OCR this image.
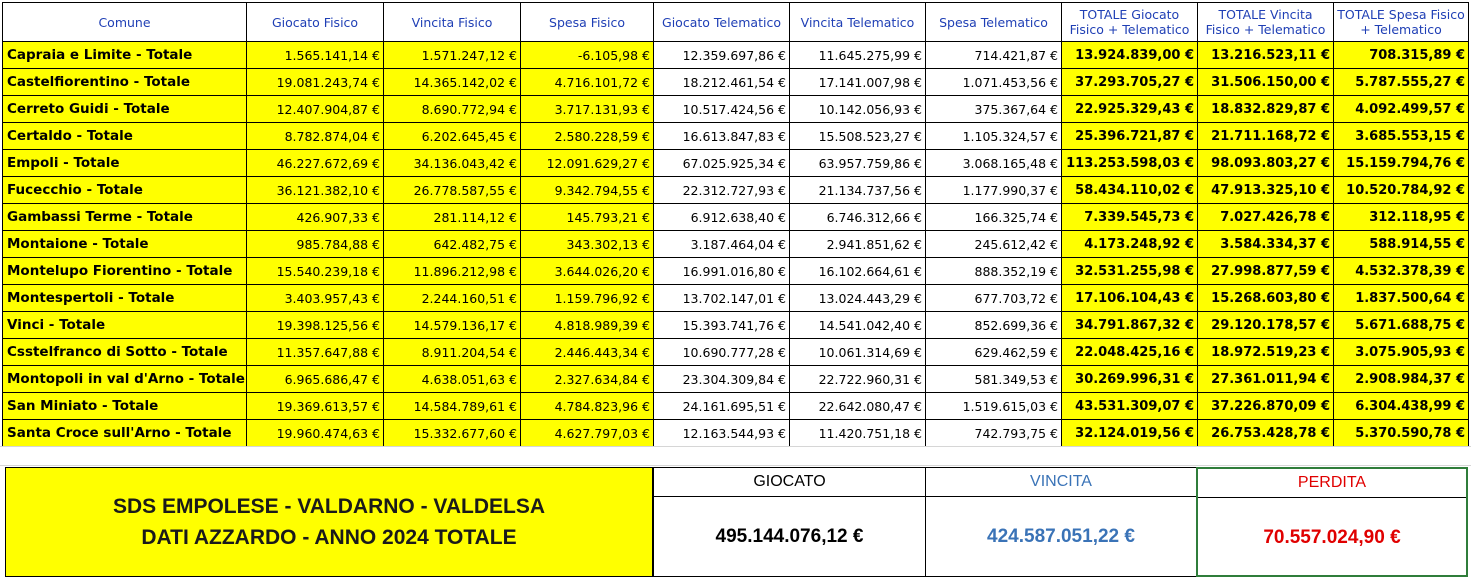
Comune	Giocato Fisico	Vincita Fisico	Spesa Fisico	Giocato Telematico	Vincita Telematico	Spesa Telematico	TOTALE Giocato Fisico + Telematico	TOTALE Vincita Fisico + Telematico	TOTALE Spesa Fisico + Telematico
Capraia e Limite - Totale	1.565.141,14 €	1.571.247,12 €	-6.105,98 €	12.359.697,86 €	11.645.275,99 €	714.421,87 €	13.924.839,00 €	13.216.523,11 €	708.315,89 €
Castelfiorentino - Totale	19.081.243,74 €	14.365.142,02 €	4.716.101,72 €	18.212.461,54 €	17.141.007,98 €	1.071.453,56 €	37.293.705,27 €	31.506.150,00 €	5.787.555,27 €
Cerreto Guidi - Totale	12.407.904,87 €	8.690.772,94 €	3.717.131,93 €	10.517.424,56 €	10.142.056,93 €	375.367,64 €	22.925.329,43 €	18.832.829,87 €	4.092.499,57 €
Certaldo - Totale	8.782.874,04 €	6.202.645,45 €	2.580.228,59 €	16.613.847,83 €	15.508.523,27 €	1.105.324,57 €	25.396.721,87 €	21.711.168,72 €	3.685.553,15 €
Empoli - Totale	46.227.672,69 €	34.136.043,42 €	12.091.629,27 €	67.025.925,34 €	63.957.759,86 €	3.068.165,48 €	113.253.598,03 €	98.093.803,27 €	15.159.794,76 €
Fucecchio - Totale	36.121.382,10 €	26.778.587,55 €	9.342.794,55 €	22.312.727,93 €	21.134.737,56 €	1.177.990,37 €	58.434.110,02 €	47.913.325,10 €	10.520.784,92 €
Gambassi Terme - Totale	426.907,33 €	281.114,12 €	145.793,21 €	6.912.638,40 €	6.746.312,66 €	166.325,74 €	7.339.545,73 €	7.027.426,78 €	312.118,95 €
Montaione - Totale	985.784,88 €	642.482,75 €	343.302,13 €	3.187.464,04 €	2.941.851,62 €	245.612,42 €	4.173.248,92 €	3.584.334,37 €	588.914,55 €
Montelupo Fiorentino - Totale	15.540.239,18 €	11.896.212,98 €	3.644.026,20 €	16.991.016,80 €	16.102.664,61 €	888.352,19 €	32.531.255,98 €	27.998.877,59 €	4.532.378,39 €
Montespertoli - Totale	3.403.957,43 €	2.244.160,51 €	1.159.796,92 €	13.702.147,01 €	13.024.443,29 €	677.703,72 €	17.106.104,43 €	15.268.603,80 €	1.837.500,64 €
Vinci - Totale	19.398.125,56 €	14.579.136,17 €	4.818.989,39 €	15.393.741,76 €	14.541.042,40 €	852.699,36 €	34.791.867,32 €	29.120.178,57 €	5.671.688,75 €
Csstelfranco di Sotto - Totale	11.357.647,88 €	8.911.204,54 €	2.446.443,34 €	10.690.777,28 €	10.061.314,69 €	629.462,59 €	22.048.425,16 €	18.972.519,23 €	3.075.905,93 €
Montopoli in val d'Arno - Totale	6.965.686,47 €	4.638.051,63 €	2.327.634,84 €	23.304.309,84 €	22.722.960,31 €	581.349,53 €	30.269.996,31 €	27.361.011,94 €	2.908.984,37 €
San Miniato - Totale	19.369.613,57 €	14.584.789,61 €	4.784.823,96 €	24.161.695,51 €	22.642.080,47 €	1.519.615,03 €	43.531.309,07 €	37.226.870,09 €	6.304.438,99 €
Santa Croce sull'Arno - Totale	19.960.474,63 €	15.332.677,60 €	4.627.797,03 €	12.163.544,93 €	11.420.751,18 €	742.793,75 €	32.124.019,56 €	26.753.428,78 €	5.370.590,78 €
SDS EMPOLESE - VALDARNO - VALDELSA
DATI AZZARDO - ANNO 2024 TOTALE
GIOCATO
495.144.076,12 €
VINCITA
424.587.051,22 €
PERDITA
70.557.024,90 €
